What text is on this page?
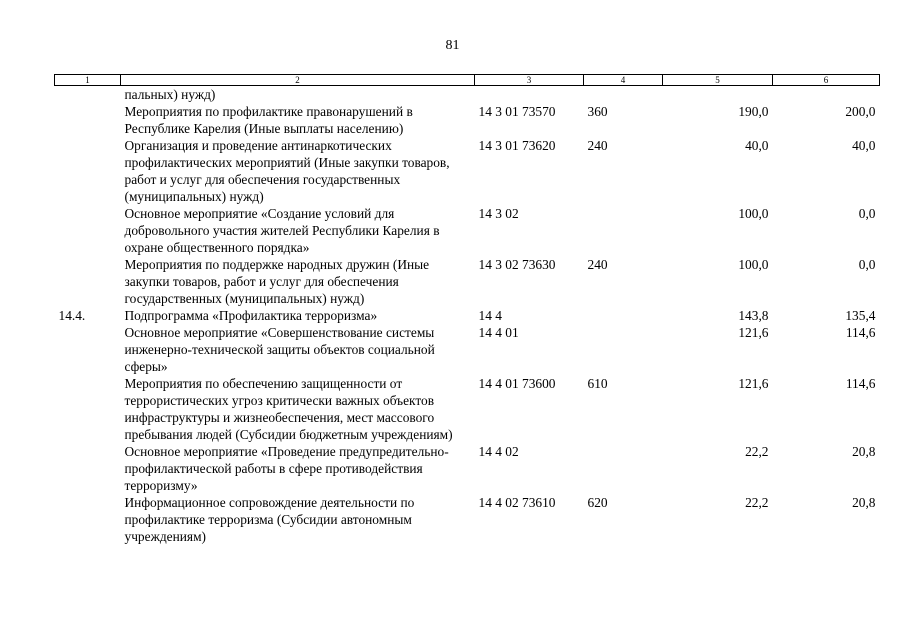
81
1	2	3	4	5	6
	пальных) нужд)				
	Мероприятия по профилактике правонарушений в Республике Карелия (Иные выплаты населению)	14 3 01 73570	360	190,0	200,0
	Организация и проведение антинаркотических профилактических мероприятий (Иные закупки товаров, работ и услуг для обеспечения государственных (муниципальных) нужд)	14 3 01 73620	240	40,0	40,0
	Основное мероприятие «Создание условий для добровольного участия жителей Республики Карелия в охране общественного порядка»	14 3 02		100,0	0,0
	Мероприятия по поддержке народных дружин (Иные закупки товаров, работ и услуг для обеспечения государственных (муниципальных) нужд)	14 3 02 73630	240	100,0	0,0
14.4.	Подпрограмма «Профилактика терроризма»	14 4		143,8	135,4
	Основное мероприятие «Совершенствование системы инженерно-технической защиты объектов социальной сферы»	14 4 01		121,6	114,6
	Мероприятия по обеспечению защищенности от террористических угроз критически важных объектов инфраструктуры и жизнеобеспечения, мест массового пребывания людей (Субсидии бюджетным учреждениям)	14 4 01 73600	610	121,6	114,6
	Основное мероприятие «Проведение предупредительно-профилактической работы в сфере противодействия терроризму»	14 4 02		22,2	20,8
	Информационное сопровождение деятельности по профилактике терроризма (Субсидии автономным учреждениям)	14 4 02 73610	620	22,2	20,8
